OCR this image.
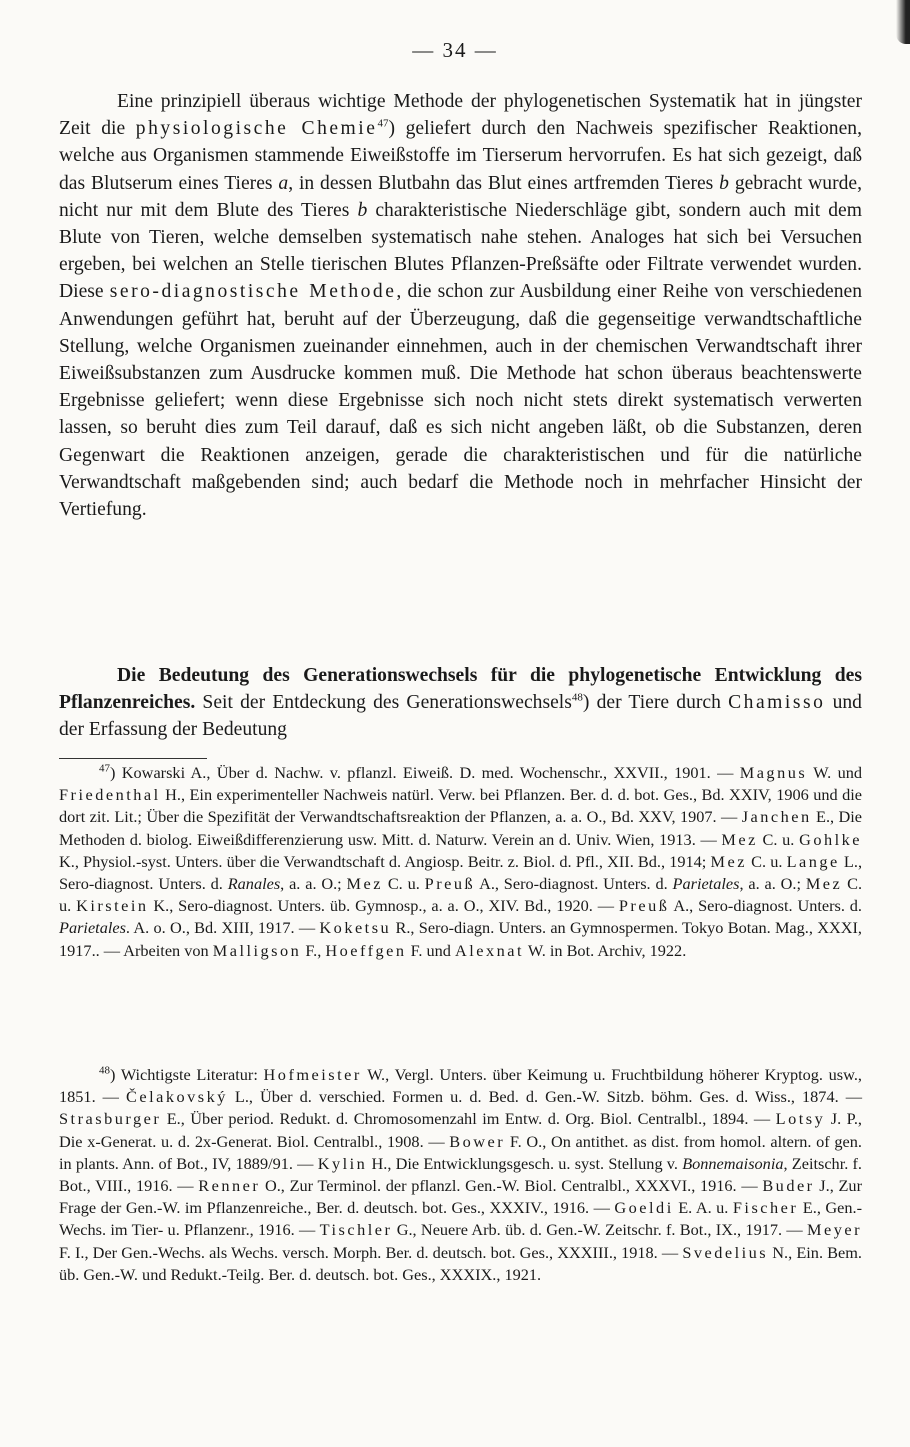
— 34 —

Eine prinzipiell überaus wichtige Methode der phylogenetischen Systematik hat in jüngster Zeit die physiologische Chemie$^{47}$) geliefert durch den Nachweis spezifischer Reaktionen, welche aus Organismen stammende Eiweißstoffe im Tierserum hervorrufen. Es hat sich gezeigt, daß das Blutserum eines Tieres a, in dessen Blutbahn das Blut eines artfremden Tieres b gebracht wurde, nicht nur mit dem Blute des Tieres b charakteristische Niederschläge gibt, sondern auch mit dem Blute von Tieren, welche demselben systematisch nahe stehen. Analoges hat sich bei Versuchen ergeben, bei welchen an Stelle tierischen Blutes Pflanzen-Preßsäfte oder Filtrate verwendet wurden. Diese sero-diagnostische Methode, die schon zur Ausbildung einer Reihe von verschiedenen Anwendungen geführt hat, beruht auf der Überzeugung, daß die gegenseitige verwandtschaftliche Stellung, welche Organismen zueinander einnehmen, auch in der chemischen Verwandtschaft ihrer Eiweißsubstanzen zum Ausdrucke kommen muß. Die Methode hat schon überaus beachtenswerte Ergebnisse geliefert; wenn diese Ergebnisse sich noch nicht stets direkt systematisch verwerten lassen, so beruht dies zum Teil darauf, daß es sich nicht angeben läßt, ob die Substanzen, deren Gegenwart die Reaktionen anzeigen, gerade die charakteristischen und für die natürliche Verwandtschaft maßgebenden sind; auch bedarf die Methode noch in mehrfacher Hinsicht der Vertiefung.

Die Bedeutung des Generationswechsels für die phylogenetische Entwicklung des Pflanzenreiches. Seit der Entdeckung des Generationswechsels$^{48}$) der Tiere durch Chamisso und der Erfassung der Bedeutung

$^{47}$) Kowarski A., Über d. Nachw. v. pflanzl. Eiweiß. D. med. Wochenschr., XXVII., 1901. — Magnus W. und Friedenthal H., Ein experimenteller Nachweis natürl. Verw. bei Pflanzen. Ber. d. d. bot. Ges., Bd. XXIV, 1906 und die dort zit. Lit.; Über die Spezifität der Verwandtschaftsreaktion der Pflanzen, a. a. O., Bd. XXV, 1907. — Janchen E., Die Methoden d. biolog. Eiweißdifferenzierung usw. Mitt. d. Naturw. Verein an d. Univ. Wien, 1913. — Mez C. u. Gohlke K., Physiol.-syst. Unters. über die Verwandtschaft d. Angiosp. Beitr. z. Biol. d. Pfl., XII. Bd., 1914; Mez C. u. Lange L., Sero-diagnost. Unters. d. Ranales, a. a. O.; Mez C. u. Preuß A., Sero-diagnost. Unters. d. Parietales, a. a. O.; Mez C. u. Kirstein K., Sero-diagnost. Unters. üb. Gymnosp., a. a. O., XIV. Bd., 1920. — Preuß A., Sero-diagnost. Unters. d. Parietales. A. o. O., Bd. XIII, 1917. — Koketsu R., Sero-diagn. Unters. an Gymnospermen. Tokyo Botan. Mag., XXXI, 1917.. — Arbeiten von Malligson F., Hoeffgen F. und Alexnat W. in Bot. Archiv, 1922.

$^{48}$) Wichtigste Literatur: Hofmeister W., Vergl. Unters. über Keimung u. Fruchtbildung höherer Kryptog. usw., 1851. — Čelakovský L., Über d. verschied. Formen u. d. Bed. d. Gen.-W. Sitzb. böhm. Ges. d. Wiss., 1874. — Strasburger E., Über period. Redukt. d. Chromosomenzahl im Entw. d. Org. Biol. Centralbl., 1894. — Lotsy J. P., Die x-Generat. u. d. 2x-Generat. Biol. Centralbl., 1908. — Bower F. O., On antithet. as dist. from homol. altern. of gen. in plants. Ann. of Bot., IV, 1889/91. — Kylin H., Die Entwicklungsgesch. u. syst. Stellung v. Bonnemaisonia, Zeitschr. f. Bot., VIII., 1916. — Renner O., Zur Terminol. der pflanzl. Gen.-W. Biol. Centralbl., XXXVI., 1916. — Buder J., Zur Frage der Gen.-W. im Pflanzenreiche., Ber. d. deutsch. bot. Ges., XXXIV., 1916. — Goeldi E. A. u. Fischer E., Gen.-Wechs. im Tier- u. Pflanzenr., 1916. — Tischler G., Neuere Arb. üb. d. Gen.-W. Zeitschr. f. Bot., IX., 1917. — Meyer F. I., Der Gen.-Wechs. als Wechs. versch. Morph. Ber. d. deutsch. bot. Ges., XXXIII., 1918. — Svedelius N., Ein. Bem. üb. Gen.-W. und Redukt.-Teilg. Ber. d. deutsch. bot. Ges., XXXIX., 1921.
